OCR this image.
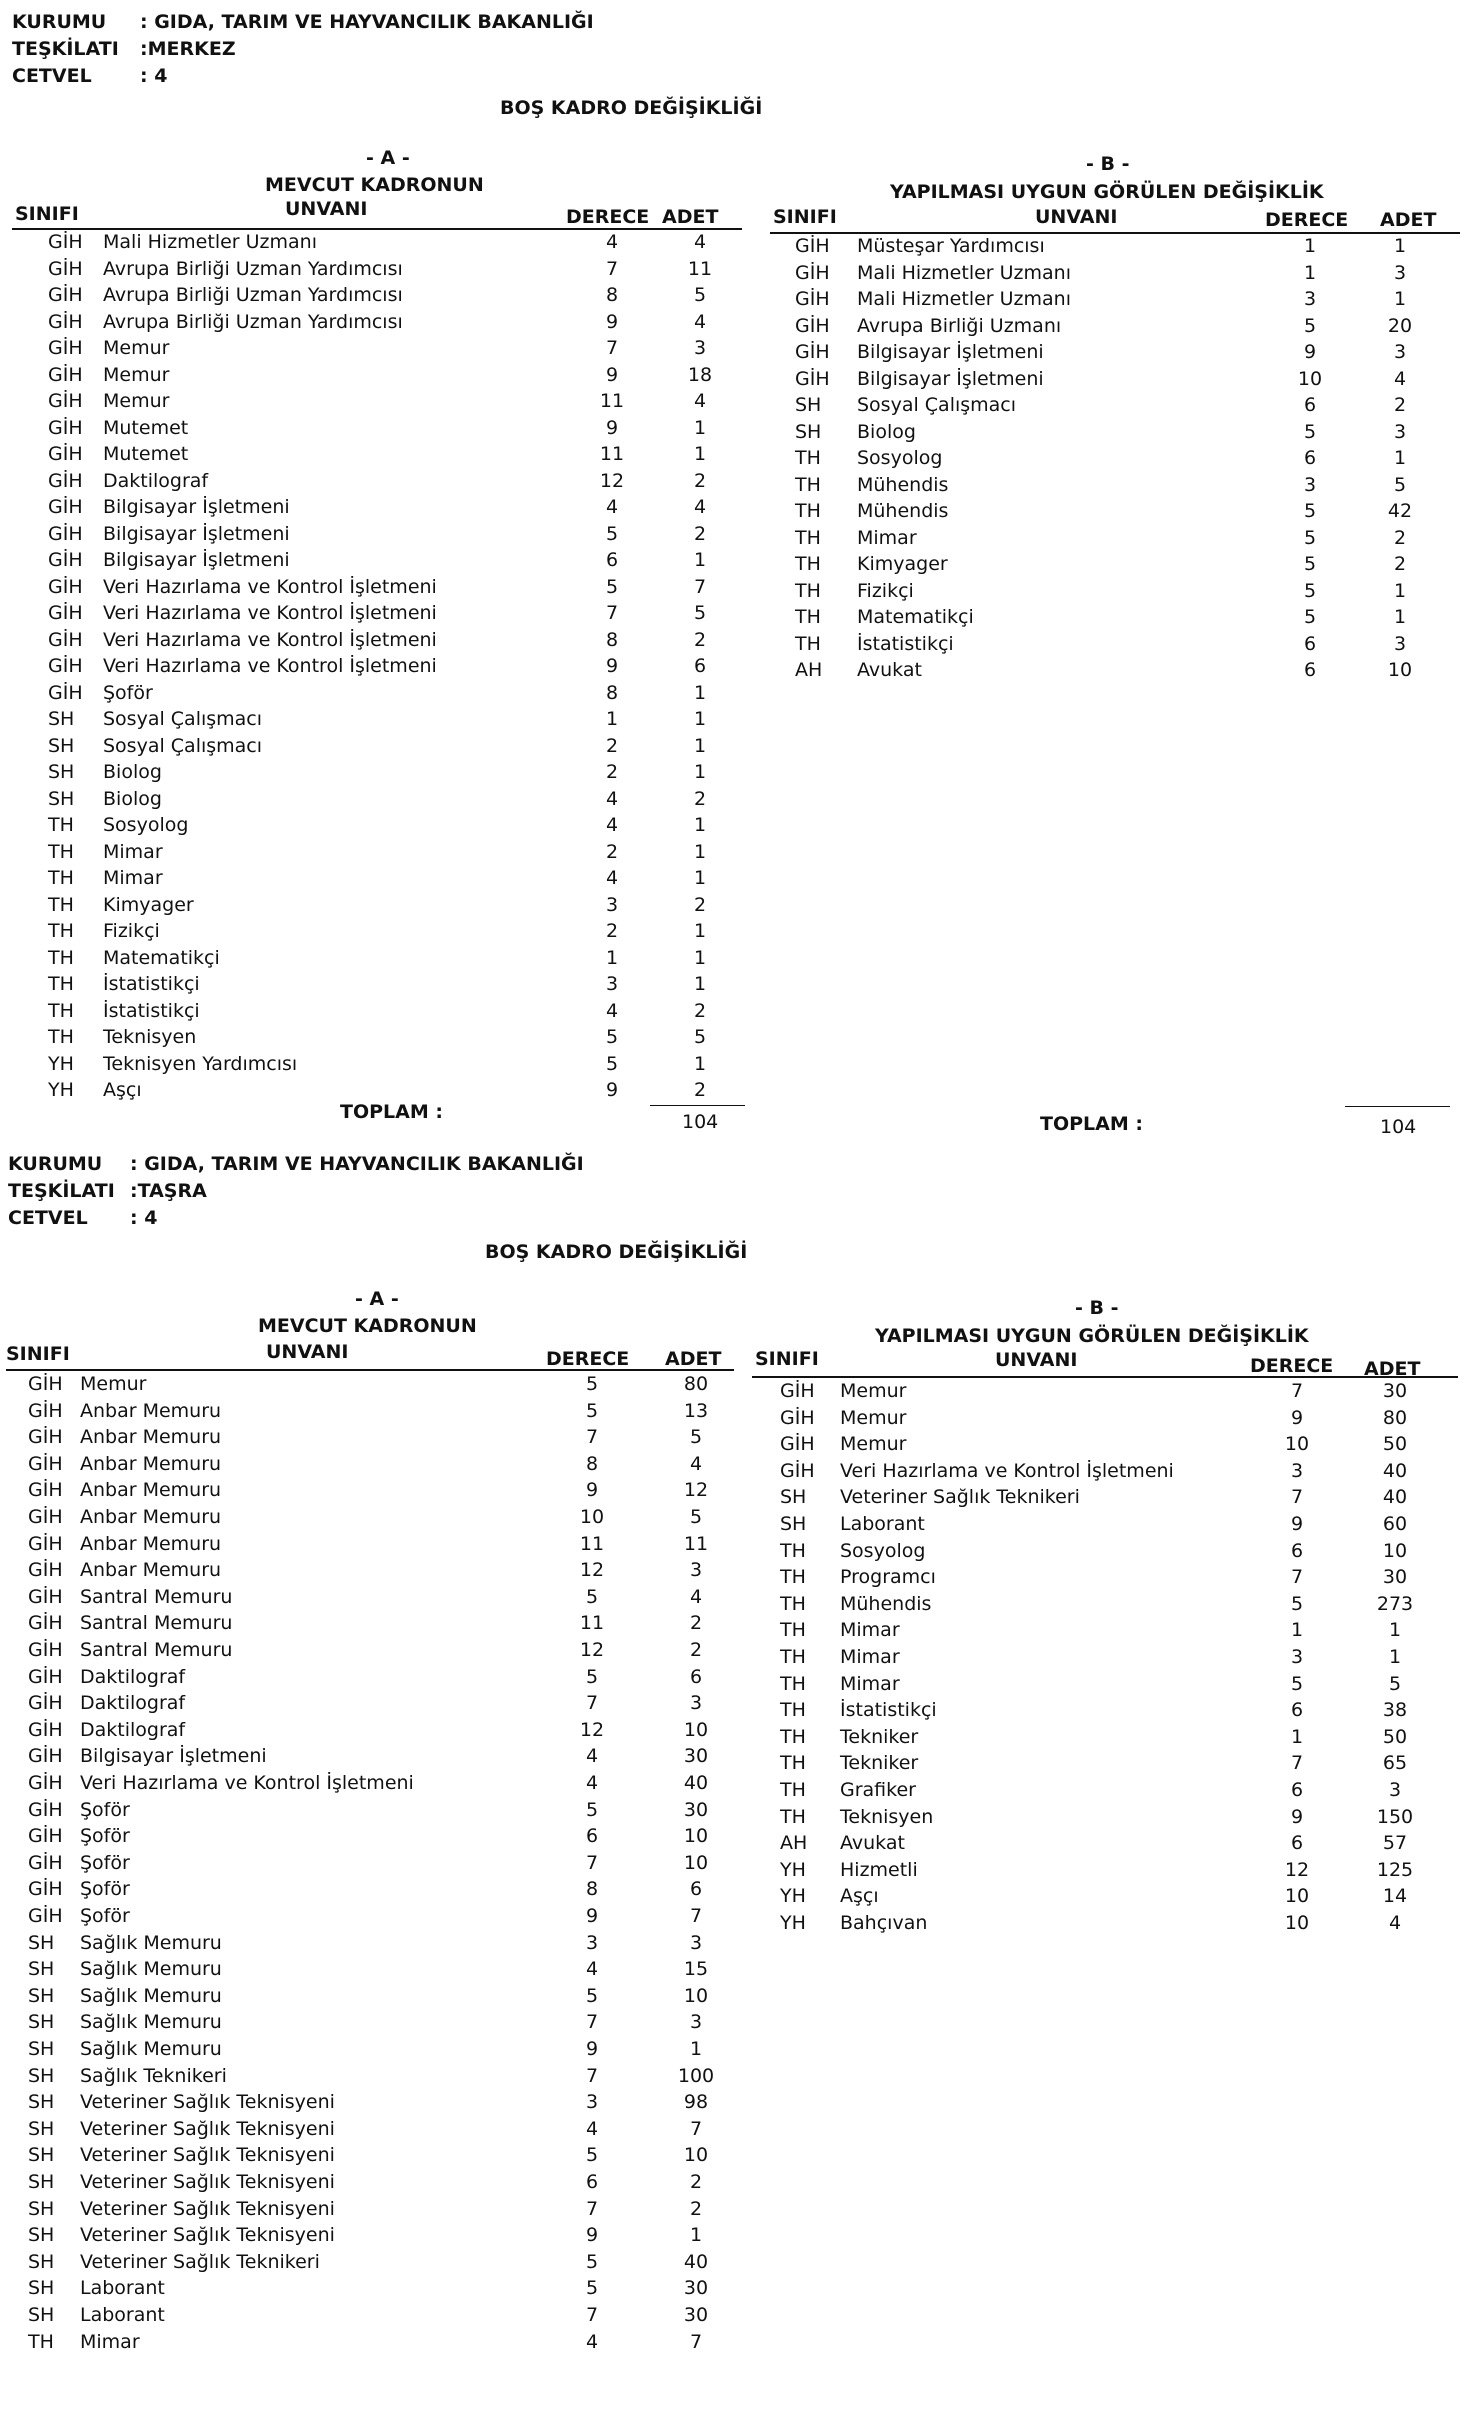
KURUMU : GIDA, TARIM VE HAYVANCILIK BAKANLIĞI
TEŞKİLATI :MERKEZ
CETVEL	: 4
BOŞ KADRO DEĞİŞİKLİĞİ
- A -
MEVCUT KADRONUN
- B -
YAPILMASI UYGUN GÖRÜLEN DEĞİŞİKLİK
SINIFI	UNVANI	DERECE ADET	SINIFI	UNVANI	DERECE ADET
GİH Mali Hizmetler Uzmanı	4	4
GİH Avrupa Birliği Uzman Yardımcısı	7	11
GİH Avrupa Birliği Uzman Yardımcısı	8	5
GİH Avrupa Birliği Uzman Yardımcısı	9	4
GİH Memur	7	3
GİH Memur	9	18
GİH Memur	11	4
GİH Mutemet	9	1
GİH Mutemet	11	1
GİH Daktilograf	12	2
GİH Bilgisayar İşletmeni	4	4
GİH Bilgisayar İşletmeni	5	2
GİH Bilgisayar İşletmeni	6	1
GİH Veri Hazırlama ve Kontrol İşletmeni	5	7
GİH Veri Hazırlama ve Kontrol İşletmeni	7	5
GİH Veri Hazırlama ve Kontrol İşletmeni	8	2
GİH Veri Hazırlama ve Kontrol İşletmeni	9	6
GİH Şoför	8	1
SH Sosyal Çalışmacı	1	1
SH Sosyal Çalışmacı	2	1
SH Biolog	2	1
SH Biolog	4	2
TH Sosyolog	4	1
TH Mimar	2	1
TH Mimar	4	1
TH Kimyager	3	2
TH Fizikçi	2	1
TH Matematikçi	1	1
TH İstatistikçi	3	1
TH İstatistikçi	4	2
TH Teknisyen	5	5
YH Teknisyen Yardımcısı	5	1
YH Aşçı	9	2
GİH Müsteşar Yardımcısı	1	1
GİH Mali Hizmetler Uzmanı	1	3
GİH Mali Hizmetler Uzmanı	3	1
GİH Avrupa Birliği Uzmanı	5	20
GİH Bilgisayar İşletmeni	9	3
GİH Bilgisayar İşletmeni	10	4
SH Sosyal Çalışmacı	6	2
SH Biolog	5	3
TH Sosyolog	6	1
TH Mühendis	3	5
TH Mühendis	5	42
TH Mimar	5	2
TH Kimyager	5	2
TH Fizikçi	5	1
TH Matematikçi	5	1
TH İstatistikçi	6	3
AH Avukat	6	10
TOPLAM :	104	TOPLAM :	104
KURUMU : GIDA, TARIM VE HAYVANCILIK BAKANLIĞI
TEŞKİLATI :TAŞRA
CETVEL : 4
BOŞ KADRO DEĞİŞİKLİĞİ
- A -
MEVCUT KADRONUN
- B -
YAPILMASI UYGUN GÖRÜLEN DEĞİŞİKLİK
SINIFI	UNVANI	DERECE ADET SINIFI	UNVANI	DERECE ADET
GİH Memur	5	80
GİH Anbar Memuru	5	13
GİH Anbar Memuru	7	5
GİH Anbar Memuru	8	4
GİH Anbar Memuru	9	12
GİH Anbar Memuru	10	5
GİH Anbar Memuru	11	11
GİH Anbar Memuru	12	3
GİH Santral Memuru	5	4
GİH Santral Memuru	11	2
GİH Santral Memuru	12	2
GİH Daktilograf	5	6
GİH Daktilograf	7	3
GİH Daktilograf	12	10
GİH Bilgisayar İşletmeni	4	30
GİH Veri Hazırlama ve Kontrol İşletmeni	4	40
GİH Şoför	5	30
GİH Şoför	6	10
GİH Şoför	7	10
GİH Şoför	8	6
GİH Şoför	9	7
SH Sağlık Memuru	3	3
SH Sağlık Memuru	4	15
SH Sağlık Memuru	5	10
SH Sağlık Memuru	7	3
SH Sağlık Memuru	9	1
SH Sağlık Teknikeri	7	100
SH Veteriner Sağlık Teknisyeni	3	98
SH Veteriner Sağlık Teknisyeni	4	7
SH Veteriner Sağlık Teknisyeni	5	10
SH Veteriner Sağlık Teknisyeni	6	2
SH Veteriner Sağlık Teknisyeni	7	2
SH Veteriner Sağlık Teknisyeni	9	1
SH Veteriner Sağlık Teknikeri	5	40
SH Laborant	5	30
SH Laborant	7	30
TH Mimar	4	7
GİH Memur	7	30
GİH Memur	9	80
GİH Memur	10	50
GİH Veri Hazırlama ve Kontrol İşletmeni	3	40
SH Veteriner Sağlık Teknikeri	7	40
SH Laborant	9	60
TH Sosyolog	6	10
TH Programcı	7	30
TH Mühendis	5	273
TH Mimar	1	1
TH Mimar	3	1
TH Mimar	5	5
TH İstatistikçi	6	38
TH Tekniker	1	50
TH Tekniker	7	65
TH Grafiker	6	3
TH Teknisyen	9	150
AH Avukat	6	57
YH Hizmetli	12	125
YH Aşçı	10	14
YH Bahçıvan	10	4
